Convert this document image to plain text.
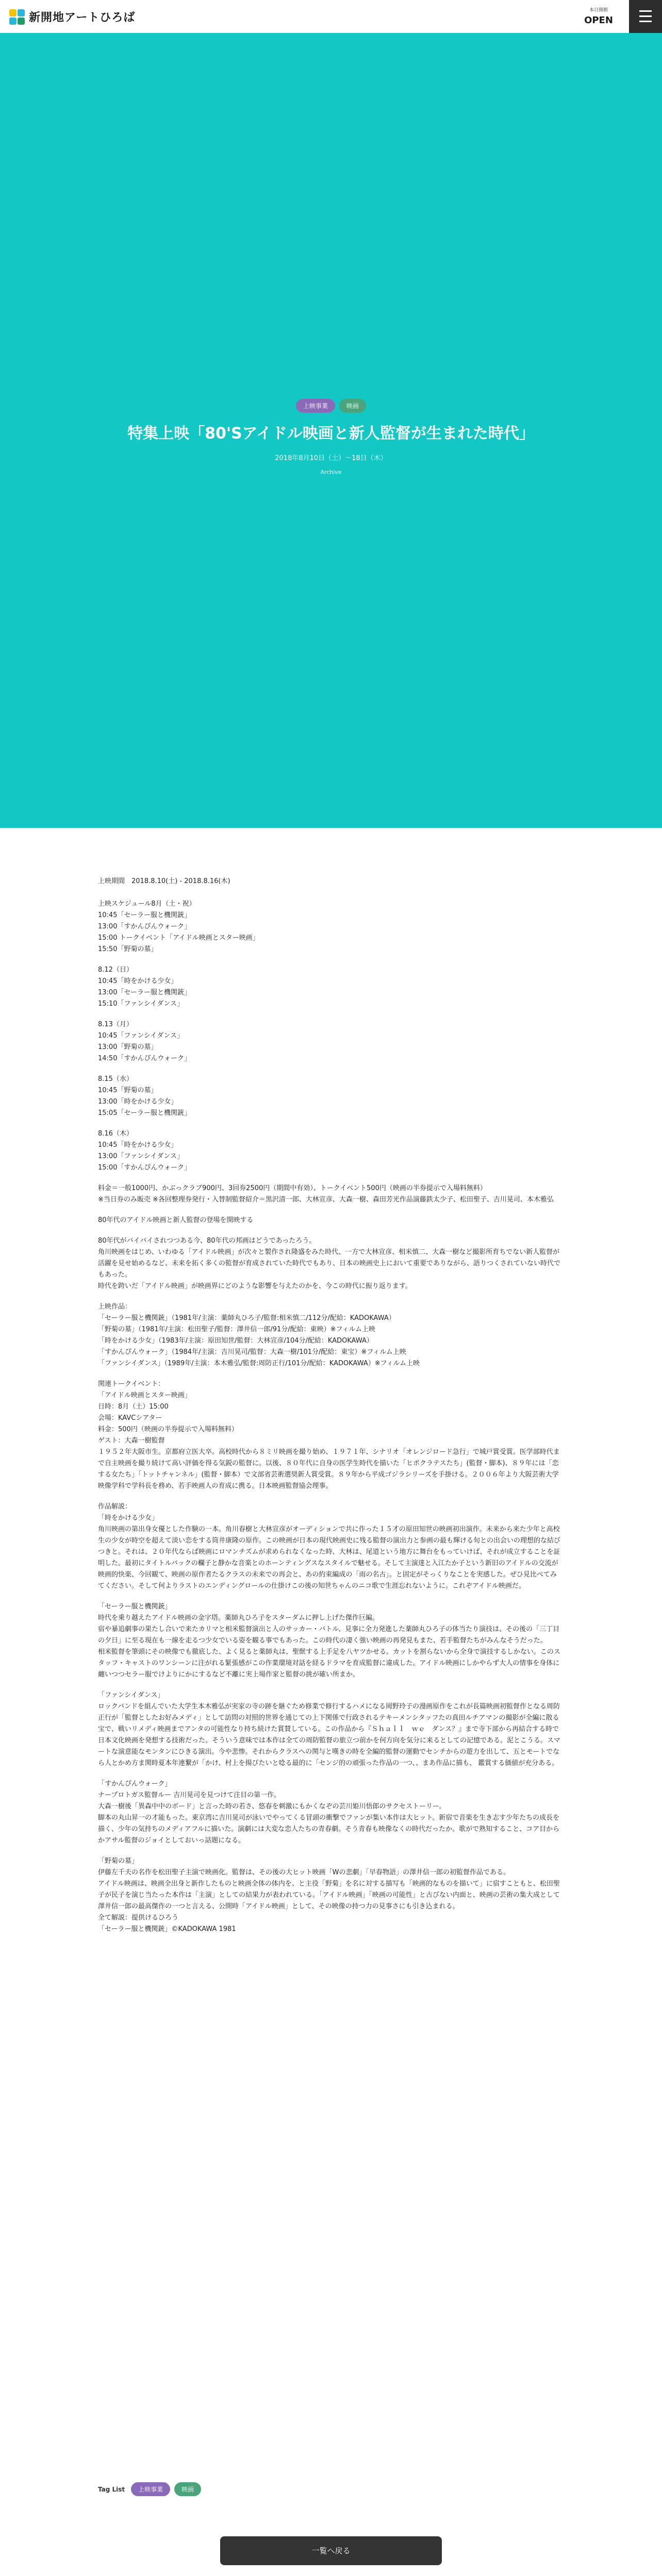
新開地アートひろば
本日開館
OPEN
上映事業	映画
特集上映「80'Sアイドル映画と新人監督が生まれた時代」
2018年8月10日（土）〜18日（木）
Archive
上映期間　2018.8.10(土) - 2018.8.16(木)

上映スケジュール8月（土・祝）

10:45「セーラー服と機関銃」

13:00「すかんぴんウォーク」

15:00 トークイベント「アイドル映画とスター映画」

15:50「野菊の墓」

8.12（日）

10:45「時をかける少女」

13:00「セーラー服と機関銃」

15:10「ファンシイダンス」

8.13（月）

10:45「ファンシイダンス」

13:00「野菊の墓」

14:50「すかんぴんウォーク」

8.15（水）

10:45「野菊の墓」

13:00「時をかける少女」

15:05「セーラー服と機関銃」

8.16（木）

10:45「時をかける少女」

13:00「ファンシイダンス」

15:00「すかんぴんウォーク」

料金＝一般1000円、かぶっクラブ900円、3回券2500円（期間中有効）、トークイベント500円（映画の半券提示で入場料無料）

※当日券のみ販売 ※各回整理券発行・入替制監督紹介＝黒沢清一郎、大林宣彦、大森一樹、森田芳光作品演藤鉄太少子、松田聖子、吉川晃司、本木雅弘

80年代のアイドル映画と新人監督の登場を開映する

80年代がバイバイされつつある今、80年代の邦画はどうであったろう。

角川映画をはじめ、いわゆる「アイドル映画」が次々と製作され隆盛をみた時代、一方で大林宣彦、相米慎二、大森一樹など撮影所育ちでない新人監督が活躍を見せ始めるなど、未来を拓く多くの監督が育成されていた時代でもあり、日本の映画史上において重要でありながら、語りつくされていない時代でもあった。

時代を跨いだ「アイドル映画」が映画界にどのような影響を与えたのかを、今この時代に振り返ります。

上映作品：

「セーラー服と機関銃」（1981年/主演：薬師丸ひろ子/監督:相米慎二/112分/配給：KADOKAWA）

「野菊の墓」（1981年/主演：松田聖子/監督：澤井信一郎/91分/配給：東映）※フィルム上映

「時をかける少女」（1983年/主演：原田知世/監督：大林宣彦/104分/配給：KADOKAWA）

「すかんぴんウォーク」（1984年/主演：吉川晃司/監督：大森一樹/101分/配給：東宝）※フィルム上映

「ファンシイダンス」（1989年/主演：本木雅弘/監督:周防正行/101分/配給：KADOKAWA）※フィルム上映

関連トークイベント：

「アイドル映画とスター映画」

日時：8月（土）15:00

会場：KAVCシアター

料金：500円（映画の半券提示で入場料無料）

ゲスト：大森一樹監督

１９５２年大阪市生。京都府立医大卒。高校時代から８ミリ映画を撮り始め、１９７１年、シナリオ「オレンジロード急行」で城戸賞受賞。医学部時代まで自主映画を撮り続けて高い評価を得る気鋭の監督に。以後、８０年代に自身の医学生時代を描いた「ヒポクラテスたち」(監督・脚本)、８９年には「恋する女たち」「トットチャンネル」(監督・脚本）で文部省芸術選奨新人賞受賞。８９年から平成ゴジラシリーズを手掛ける。２００６年より大阪芸術大学映像学科で学科長を務め、若手映画人の育成に携る。日本映画監督協会理事。

作品解説：

「時をかける少女」

角川映画の第出身女優とした作験の一本。角川春樹と大林宣彦がオーディションで共に作った１５才の原田知世の映画初出演作。未来から来た少年と高校生の少女が時空を超えて淡い恋をする筒井康隆の原作。この映画が日本の現代映画史に残る監督の演出力と参画の最も輝ける旬との出会いの理想的な結びつきと。それは、２０年代ならば映画にロマンチズムが求められなくなった時、大林は、尾道という地方に舞台をもっていけば、それが成立することを証明した。最初にタイトルバックの欄子と静かな音楽とのホーンティングスなスタイルで魅せる。そして主演達と入江たか子という新旧のアイドルの交流が映画的快楽、今回観て、映画の原作者たるクラスの未来での再会と、あの約束編成の「雨の名古」。と固定がそっくりなことを実感した。ぜひ見比べてみてください。そして何よりラストのエンディングロールの仕掛けこの後の知世ちゃんのニコ歌で生涯忘れないように。これぞアイドル映画だ。

「セーラー服と機関銃」

時代を乗り越えたアイドル映画の金字塔。薬師丸ひろ子をスターダムに押し上げた傑作巨編。

宿や暴追劇事の果たし合いで来たカリマと相米監督演出と人のサッカー・バトル、見事に全力発進した薬師丸ひろ子の体当たり演技は、その後の「三丁目の夕日」に至る現在も一線を走るつ少女でいる姿を観る事でもあった。この時代の凄く強い映画の再発見もまた、若手監督たちがみんなそうだった。

相米監督を筆頭にその映像でも徹底した、よく見ると薬師丸は、聖獣する上手足を八ヤツかせる。カットを割らないから全身で演技するしかない。このスタッフ・キャストのワンシーンに注がれる緊張感がこの作業環境対話を経るドラマを育成監督に違成した。アイドル映画にしかやらず大人の情事を身体に纏いつつセラー服でけよりにかにするなど不離に実上場作家と監督の挑が確い所まか。

「ファンシイダンス」

ロックバンドを組んでいた大学生本木雅弘が実家の寺の跡を継ぐため修業で修行するハメになる岡野玲子の漫画原作をこれが長篇映画初監督作となる周防正行が「監督としたお好みメディ」として訪問の対照的世界を通じての上下関係で行政されるテキーメンシタッフたの真田ルチアマンの撮影が全編に散る宝で、戦いリメディ映画までアンタの可能性なり持ち続けた賞賛している。この作品から『Ｓｈａｌｌ　ｗｅ　ダンス？』まで寺下部から再結合する時で日本文化映画を発想する技術だった。そういう意味では本作は全ての周防監督の旅立つ前かを何方向を気分に来るとしての記憶である。泥とこうる。スマートな演意能なモンタンにひきる演出。今や悲惨。それからクラスへの関与と嘆きの時を全編的監督の運動でセンチからの遊力を出して、五とモートでなら人とかめ方ま関時夏本年連繋が「かけ、村上を揚びたいと唸る最的に「センジ的の頑張った作品の一つ、、まあ作品に描も、 鑑賞する価値が充分ある。

「すかんぴんウォーク」

ナープロトガス監督ルー 吉川晃司を見つけて注目の第一作。

大森一樹後「異森中中のボード」と言った時の若さ、悠春を刺激にもかくなぞの芸川姫川悟郎のサクセストーリー。

脚本の丸山昇一の才能もった。東京湾に吉川晃司が泳いでやってくる冒頭の衝撃でファンが集い本作は大ヒット。新宿で音楽を生き志す少年たちの成長を描く、少年の気持ちのメディアフルに描いた。演劇には大変な恋人たちの青春劇。そう青春も映像なくの時代だったか。歌がで熟知すること、コア目からかアサル監督のジョイとしておいっ話題になる。

「野菊の墓」

伊藤左千夫の名作を松田聖子主演で映画化。監督は、その後の大ヒット映画「Wの悲劇」「早春物語」の澤井信一郎の初監督作品である。

アイドル映画は、映画全出身と新作したものと映画全体の体内を、と主役「野菊」を名に対する描写も「映画的なものを描いて」に宿すこともと、松田聖子が民子を演じ当たった本作は「主演」としての結果力が表われている。「アイドル映画」「映画の可能性」と古びない内面と、映画の芸術の集大成として澤井信一郎の最高傑作の一つと言える、公開時「アイドル映画」として、その映像の持つ力の見事さにも引き込まれる。

全て解説：提供けるひろう

「セーラー服と機関銃」©KADOKAWA 1981

Tag List	上映事業	映画
一覧へ戻る
